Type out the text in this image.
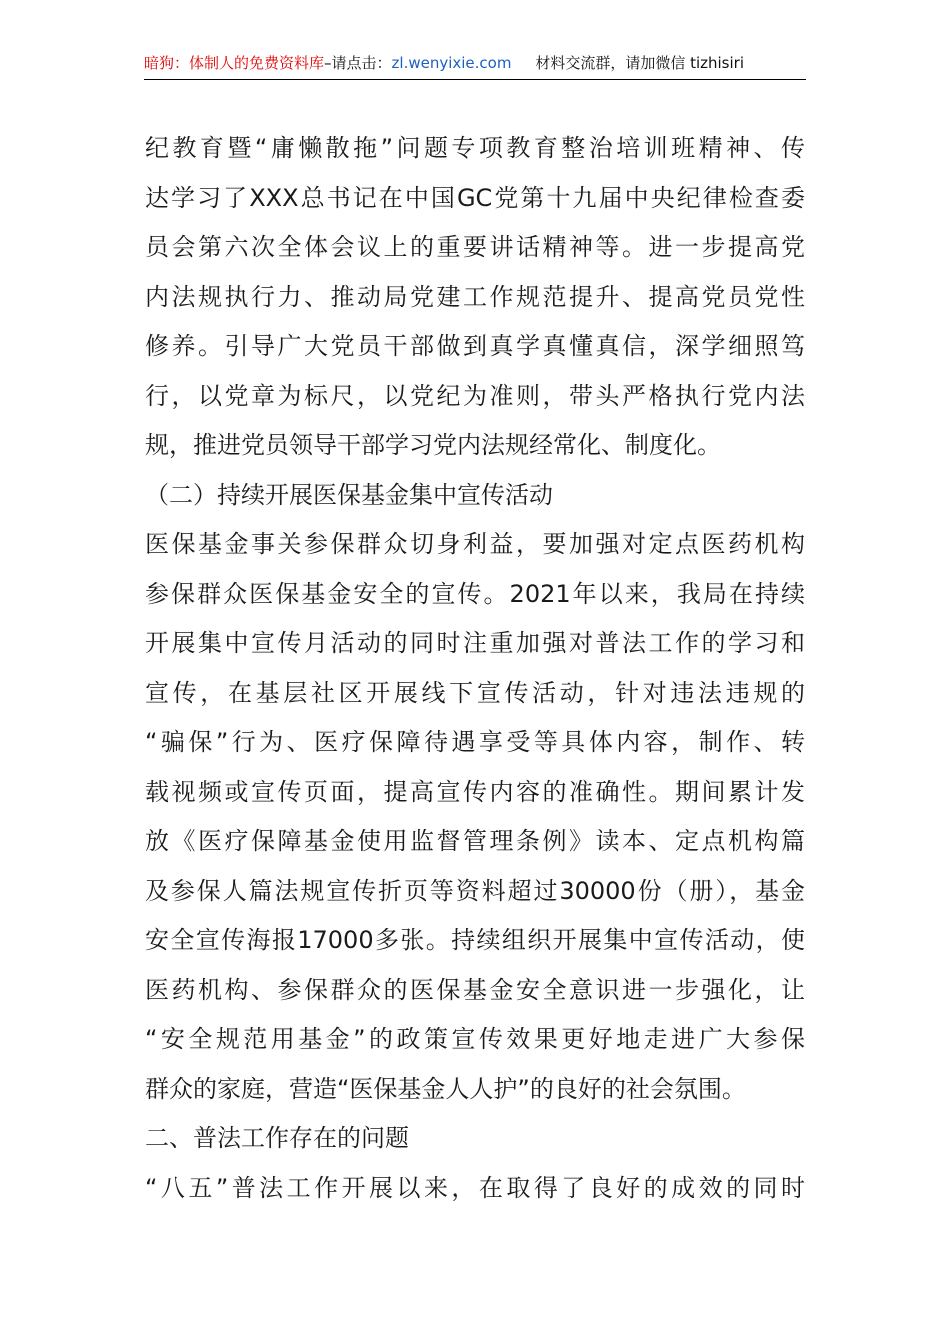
暗狗：体制人的免费资料库–请点击：zl.wenyixie.com 材料交流群，请加微信 tizhisiri
纪教育暨“庸懒散拖”问题专项教育整治培训班精神、传
达学习了XXX总书记在中国GC党第十九届中央纪律检查委
员会第六次全体会议上的重要讲话精神等。进一步提高党
内法规执行力、推动局党建工作规范提升、提高党员党性
修养。引导广大党员干部做到真学真懂真信，深学细照笃
行，以党章为标尺，以党纪为准则，带头严格执行党内法
规，推进党员领导干部学习党内法规经常化、制度化。
（二）持续开展医保基金集中宣传活动
医保基金事关参保群众切身利益，要加强对定点医药机构
参保群众医保基金安全的宣传。2021年以来，我局在持续
开展集中宣传月活动的同时注重加强对普法工作的学习和
宣传，在基层社区开展线下宣传活动，针对违法违规的
“骗保”行为、医疗保障待遇享受等具体内容，制作、转
载视频或宣传页面，提高宣传内容的准确性。期间累计发
放《医疗保障基金使用监督管理条例》读本、定点机构篇
及参保人篇法规宣传折页等资料超过30000份（册），基金
安全宣传海报17000多张。持续组织开展集中宣传活动，使
医药机构、参保群众的医保基金安全意识进一步强化，让
“安全规范用基金”的政策宣传效果更好地走进广大参保
群众的家庭，营造“医保基金人人护”的良好的社会氛围。
二、普法工作存在的问题
“八五”普法工作开展以来，在取得了良好的成效的同时
